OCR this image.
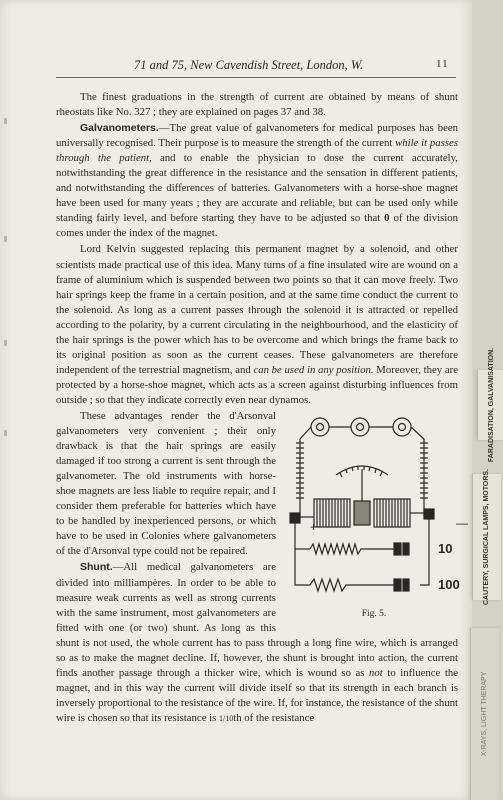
71 and 75, New Cavendish Street, London, W.	11

The finest graduations in the strength of current are obtained by means of shunt rheostats like No. 327 ; they are explained on pages 37 and 38.

Galvanometers.—The great value of galvanometers for medical purposes has been universally recognised. Their purpose is to measure the strength of the current while it passes through the patient, and to enable the physician to dose the current accurately, notwithstanding the great difference in the resistance and the sensation in different patients, and notwithstanding the differences of batteries. Galvanometers with a horse-shoe magnet have been used for many years ; they are accurate and reliable, but can be used only while standing fairly level, and before starting they have to be adjusted so that 0 of the division comes under the index of the magnet.

Lord Kelvin suggested replacing this permanent magnet by a solenoid, and other scientists made practical use of this idea. Many turns of a fine insulated wire are wound on a frame of aluminium which is suspended between two points so that it can move freely. Two hair springs keep the frame in a certain position, and at the same time conduct the current to the solenoid. As long as a current passes through the solenoid it is attracted or repelled according to the polarity, by a current circulating in the neighbourhood, and the elasticity of the hair springs is the power which has to be overcome and which brings the frame back to its original position as soon as the current ceases. These galvanometers are therefore independent of the terrestrial magnetism, and can be used in any position. Moreover, they are protected by a horse-shoe magnet, which acts as a screen against disturbing influences from outside ; so that they indicate correctly even near dynamos.

+	—
10
100
Fig. 5.
These advantages render the d'Arsonval galvanometers very convenient ; their only drawback is that the hair springs are easily damaged if too strong a current is sent through the galvanometer. The old instruments with horse-shoe magnets are less liable to require repair, and I consider them preferable for batteries which have to be handled by inexperienced persons, or which have to be used in Colonies where galvanometers of the d'Arsonval type could not be repaired.

Shunt.—All medical galvanometers are divided into milliampères. In order to be able to measure weak currents as well as strong currents with the same instrument, most galvanometers are fitted with one (or two) shunt. As long as this shunt is not used, the whole current has to pass through a long fine wire, which is arranged so as to make the magnet decline. If, however, the shunt is brought into action, the current finds another passage through a thicker wire, which is wound so as not to influence the magnet, and in this way the current will divide itself so that its strength in each branch is inversely proportional to the resistance of the wire. If, for instance, the resistance of the shunt wire is chosen so that its resistance is 1/10th of the resistance

FARADISATION, GALVANISATION.
CAUTERY, SURGICAL LAMPS, MOTORS.
X-RAYS, LIGHT THERAPY
